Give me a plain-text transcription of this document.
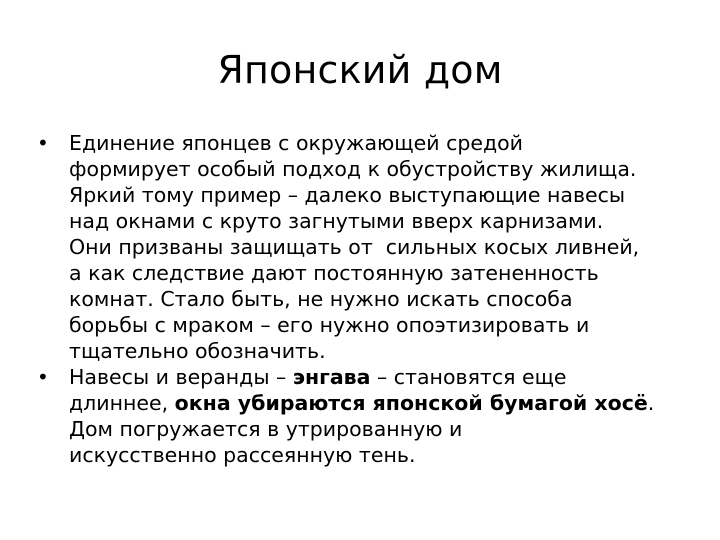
Японский дом
• Единение японцев с окружающей средой
формирует особый подход к обустройству жилища.
Яркий тому пример – далеко выступающие навесы
над окнами с круто загнутыми вверх карнизами.
Они призваны защищать от  сильных косых ливней,
а как следствие дают постоянную затененность
комнат. Стало быть, не нужно искать способа
борьбы с мраком – его нужно опоэтизировать и
тщательно обозначить.
• Навесы и веранды – энгава – становятся еще
длиннее, окна убираются японской бумагой хосё.
Дом погружается в утрированную и
искусственно рассеянную тень.
